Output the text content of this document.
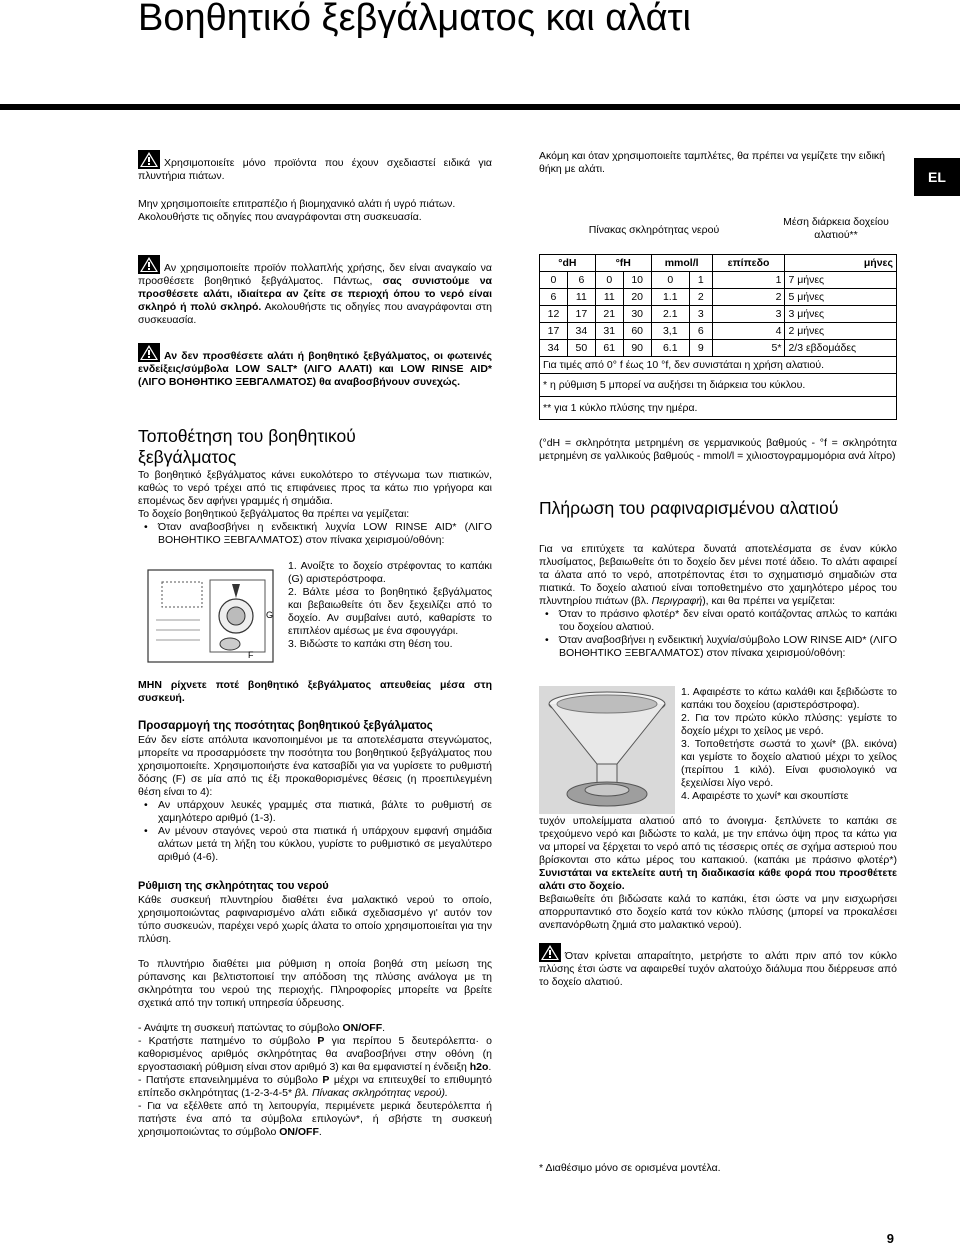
Βοηθητικό ξεβγάλματος και αλάτι
EL
Χρησιμοποιείτε μόνο προϊόντα που έχουν σχεδιαστεί ειδικά για πλυντήρια πιάτων.

Μην χρησιμοποιείτε επιτραπέζιο ή βιομηχανικό αλάτι ή υγρό πιάτων.

Ακολουθήστε τις οδηγίες που αναγράφονται στη συσκευασία.

Αν χρησιμοποιείτε προϊόν πολλαπλής χρήσης, δεν είναι αναγκαίο να προσθέσετε βοηθητικό ξεβγάλματος. Πάντως, σας συνιστούμε να προσθέσετε αλάτι, ιδιαίτερα αν ζείτε σε περιοχή όπου το νερό είναι σκληρό ή πολύ σκληρό. Ακολουθήστε τις οδηγίες που αναγράφονται στη συσκευασία.
Αν δεν προσθέσετε αλάτι ή βοηθητικό ξεβγάλματος, οι φωτεινές ενδείξεις/σύμβολα LOW SALT* (ΛΙΓΟ ΑΛΑΤΙ) και LOW RINSE AID* (ΛΙΓΟ ΒΟΗΘΗΤΙΚΟ ΞΕΒΓΑΛΜΑΤΟΣ) θα αναβοσβήνουν συνεχώς.
Τοποθέτηση του βοηθητικού ξεβγάλματος

Το βοηθητικό ξεβγάλματος κάνει ευκολότερο το στέγνωμα των πιατικών, καθώς το νερό τρέχει από τις επιφάνειες προς τα κάτω πιο γρήγορα και επομένως δεν αφήνει γραμμές ή σημάδια.

Το δοχείο βοηθητικού ξεβγάλματος θα πρέπει να γεμίζεται:

• Όταν αναβοσβήνει η ενδεικτική λυχνία LOW RINSE AID* (ΛΙΓΟ ΒΟΗΘΗΤΙΚΟ ΞΕΒΓΑΛΜΑΤΟΣ) στον πίνακα χειρισμού/οθόνη:
G
F
1. Ανοίξτε το δοχείο στρέφοντας το καπάκι (G) αριστερόστροφα.
2. Βάλτε μέσα το βοηθητικό ξεβγάλματος και βεβαιωθείτε ότι δεν ξεχειλίζει από το δοχείο. Αν συμβαίνει αυτό, καθαρίστε το επιπλέον αμέσως με ένα σφουγγάρι.
3. Βιδώστε το καπάκι στη θέση του.
ΜΗΝ ρίχνετε ποτέ βοηθητικό ξεβγάλματος απευθείας μέσα στη συσκευή.
Προσαρμογή της ποσότητας βοηθητικού ξεβγάλματος

Εάν δεν είστε απόλυτα ικανοποιημένοι με τα αποτελέσματα στεγνώματος, μπορείτε να προσαρμόσετε την ποσότητα του βοηθητικού ξεβγάλματος που χρησιμοποιείτε. Χρησιμοποιήστε ένα κατσαβίδι για να γυρίσετε το ρυθμιστή δόσης (F) σε μία από τις έξι προκαθορισμένες θέσεις (η προεπιλεγμένη θέση είναι το 4):

• Αν υπάρχουν λευκές γραμμές στα πιατικά, βάλτε το ρυθμιστή σε χαμηλότερο αριθμό (1-3).
• Αν μένουν σταγόνες νερού στα πιατικά ή υπάρχουν εμφανή σημάδια αλάτων μετά τη λήξη του κύκλου, γυρίστε το ρυθμιστικό σε μεγαλύτερο αριθμό (4-6).
Ρύθμιση της σκληρότητας του νερού
Κάθε συσκευή πλυντηρίου διαθέτει ένα μαλακτικό νερού το οποίο, χρησιμοποιώντας ραφιναρισμένο αλάτι ειδικά σχεδιασμένο γι' αυτόν τον τύπο συσκευών, παρέχει νερό χωρίς άλατα το οποίο χρησιμοποιείται για την πλύση.
Το πλυντήριο διαθέτει μια ρύθμιση η οποία βοηθά στη μείωση της ρύπανσης και βελτιστοποιεί την απόδοση της πλύσης ανάλογα με τη σκληρότητα του νερού της περιοχής. Πληροφορίες μπορείτε να βρείτε σχετικά από την τοπική υπηρεσία ύδρευσης.

- Ανάψτε τη συσκευή πατώντας το σύμβολο ON/OFF.

- Κρατήστε πατημένο το σύμβολο P για περίπου 5 δευτερόλεπτα· ο καθορισμένος αριθμός σκληρότητας θα αναβοσβήνει στην οθόνη (η εργοστασιακή ρύθμιση είναι στον αριθμό 3) και θα εμφανιστεί η ένδειξη h2o.

- Πατήστε επανειλημμένα το σύμβολο P μέχρι να επιτευχθεί το επιθυμητό επίπεδο σκληρότητας (1-2-3-4-5* βλ. Πίνακας σκληρότητας νερού).

- Για να εξέλθετε από τη λειτουργία, περιμένετε μερικά δευτερόλεπτα ή πατήστε ένα από τα σύμβολα επιλογών*, ή σβήστε τη συσκευή χρησιμοποιώντας το σύμβολο ON/OFF.

Ακόμη και όταν χρησιμοποιείτε ταμπλέτες, θα πρέπει να γεμίζετε την ειδική θήκη με αλάτι.
Πίνακας σκληρότητας νερού
Μέση διάρκεια δοχείου αλατιού**
°dH		°fH		mmol/l		επίπεδο	μήνες
0	6	0	10	0	1	1	7 μήνες
6	11	11	20	1.1	2	2	5 μήνες
12	17	21	30	2.1	3	3	3 μήνες
17	34	31	60	3,1	6	4	2 μήνες
34	50	61	90	6.1	9	5*	2/3 εβδομάδες
Για τιμές από 0° f έως 10 °f, δεν συνιστάται η χρήση αλατιού.							
* η ρύθμιση 5 μπορεί να αυξήσει τη διάρκεια του κύκλου.							
** για 1 κύκλο πλύσης την ημέρα.							
(°dH = σκληρότητα μετρημένη σε γερμανικούς βαθμούς - °f = σκληρότητα μετρημένη σε γαλλικούς βαθμούς - mmol/l = χιλιοστογραμμομόρια ανά λίτρο)
Πλήρωση του ραφιναρισμένου αλατιού

Για να επιτύχετε τα καλύτερα δυνατά αποτελέσματα σε έναν κύκλο πλυσίματος, βεβαιωθείτε ότι το δοχείο δεν μένει ποτέ άδειο. Το αλάτι αφαιρεί τα άλατα από το νερό, αποτρέποντας έτσι το σχηματισμό σημαδιών στα πιατικά. Το δοχείο αλατιού είναι τοποθετημένο στο χαμηλότερο μέρος του πλυντηρίου πιάτων (βλ. Περιγραφή), και θα πρέπει να γεμίζεται:

• Όταν το πράσινο φλοτέρ* δεν είναι ορατό κοιτάζοντας απλώς το καπάκι του δοχείου αλατιού.
• Όταν αναβοσβήνει η ενδεικτική λυχνία/σύμβολο LOW RINSE AID* (ΛΙΓΟ ΒΟΗΘΗΤΙΚΟ ΞΕΒΓΑΛΜΑΤΟΣ) στον πίνακα χειρισμού/οθόνη:
1. Αφαιρέστε το κάτω καλάθι και ξεβιδώστε το καπάκι του δοχείου (αριστερόστροφα).
2. Για τον πρώτο κύκλο πλύσης: γεμίστε το δοχείο μέχρι το χείλος με νερό.
3. Τοποθετήστε σωστά το χωνί* (βλ. εικόνα) και γεμίστε το δοχείο αλατιού μέχρι το χείλος (περίπου 1 κιλό). Είναι φυσιολογικό να ξεχειλίσει λίγο νερό.
4. Αφαιρέστε το χωνί* και σκουπίστε

τυχόν υπολείμματα αλατιού από το άνοιγμα· ξεπλύνετε το καπάκι σε τρεχούμενο νερό και βιδώστε το καλά, με την επάνω όψη προς τα κάτω για να μπορεί να ξέρχεται το νερό από τις τέσσερις οπές σε σχήμα αστεριού που βρίσκονται στο κάτω μέρος του καπακιού. (καπάκι με πράσινο φλοτέρ*) Συνιστάται να εκτελείτε αυτή τη διαδικασία κάθε φορά που προσθέτετε αλάτι στο δοχείο.

Βεβαιωθείτε ότι βιδώσατε καλά το καπάκι, έτσι ώστε να μην εισχωρήσει απορρυπαντικό στο δοχείο κατά τον κύκλο πλύσης (μπορεί να προκαλέσει ανεπανόρθωτη ζημιά στο μαλακτικό νερού).

Όταν κρίνεται απαραίτητο, μετρήστε το αλάτι πριν από τον κύκλο πλύσης έτσι ώστε να αφαιρεθεί τυχόν αλατούχο διάλυμα που διέρρευσε από το δοχείο αλατιού.
* Διαθέσιμο μόνο σε ορισμένα μοντέλα.
9
